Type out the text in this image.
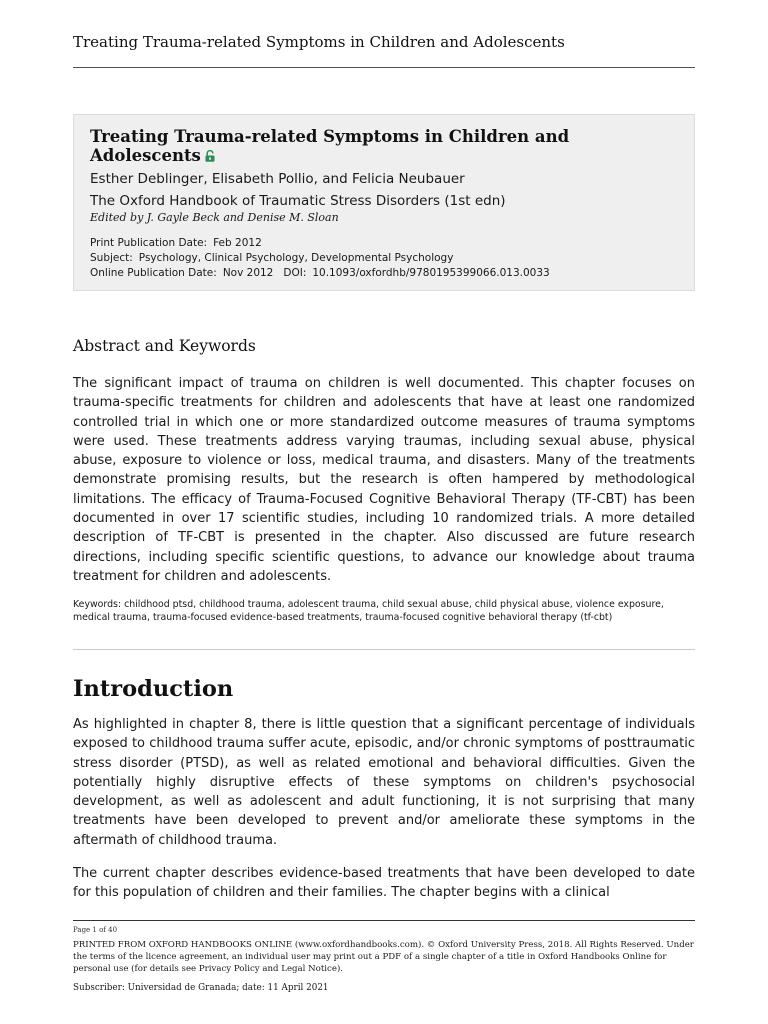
Treating Trauma-related Symptoms in Children and Adolescents
Treating Trauma-related Symptoms in Children and Adolescents
Esther Deblinger, Elisabeth Pollio, and Felicia Neubauer
The Oxford Handbook of Traumatic Stress Disorders (1st edn)
Edited by J. Gayle Beck and Denise M. Sloan
Print Publication Date: Feb 2012
Subject: Psychology, Clinical Psychology, Developmental Psychology
Online Publication Date: Nov 2012 DOI: 10.1093/oxfordhb/9780195399066.013.0033
Abstract and Keywords
The significant impact of trauma on children is well documented. This chapter focuses on trauma-specific treatments for children and adolescents that have at least one randomized controlled trial in which one or more standardized outcome measures of trauma symptoms were used. These treatments address varying traumas, including sexual abuse, physical abuse, exposure to violence or loss, medical trauma, and disasters. Many of the treatments demonstrate promising results, but the research is often hampered by methodological limitations. The efficacy of Trauma-Focused Cognitive Behavioral Therapy (TF-CBT) has been documented in over 17 scientific studies, including 10 randomized trials. A more detailed description of TF-CBT is presented in the chapter. Also discussed are future research directions, including specific scientific questions, to advance our knowledge about trauma treatment for children and adolescents.
Keywords: childhood ptsd, childhood trauma, adolescent trauma, child sexual abuse, child physical abuse, violence exposure, medical trauma, trauma-focused evidence-based treatments, trauma-focused cognitive behavioral therapy (tf-cbt)
Introduction

As highlighted in chapter 8, there is little question that a significant percentage of individuals exposed to childhood trauma suffer acute, episodic, and/or chronic symptoms of posttraumatic stress disorder (PTSD), as well as related emotional and behavioral difficulties. Given the potentially highly disruptive effects of these symptoms on children's psychosocial development, as well as adolescent and adult functioning, it is not surprising that many treatments have been developed to prevent and/or ameliorate these symptoms in the aftermath of childhood trauma.

The current chapter describes evidence-based treatments that have been developed to date for this population of children and their families. The chapter begins with a clinical

Page 1 of 40
PRINTED FROM OXFORD HANDBOOKS ONLINE (www.oxfordhandbooks.com). © Oxford University Press, 2018. All Rights Reserved. Under the terms of the licence agreement, an individual user may print out a PDF of a single chapter of a title in Oxford Handbooks Online for personal use (for details see Privacy Policy and Legal Notice).
Subscriber: Universidad de Granada; date: 11 April 2021
